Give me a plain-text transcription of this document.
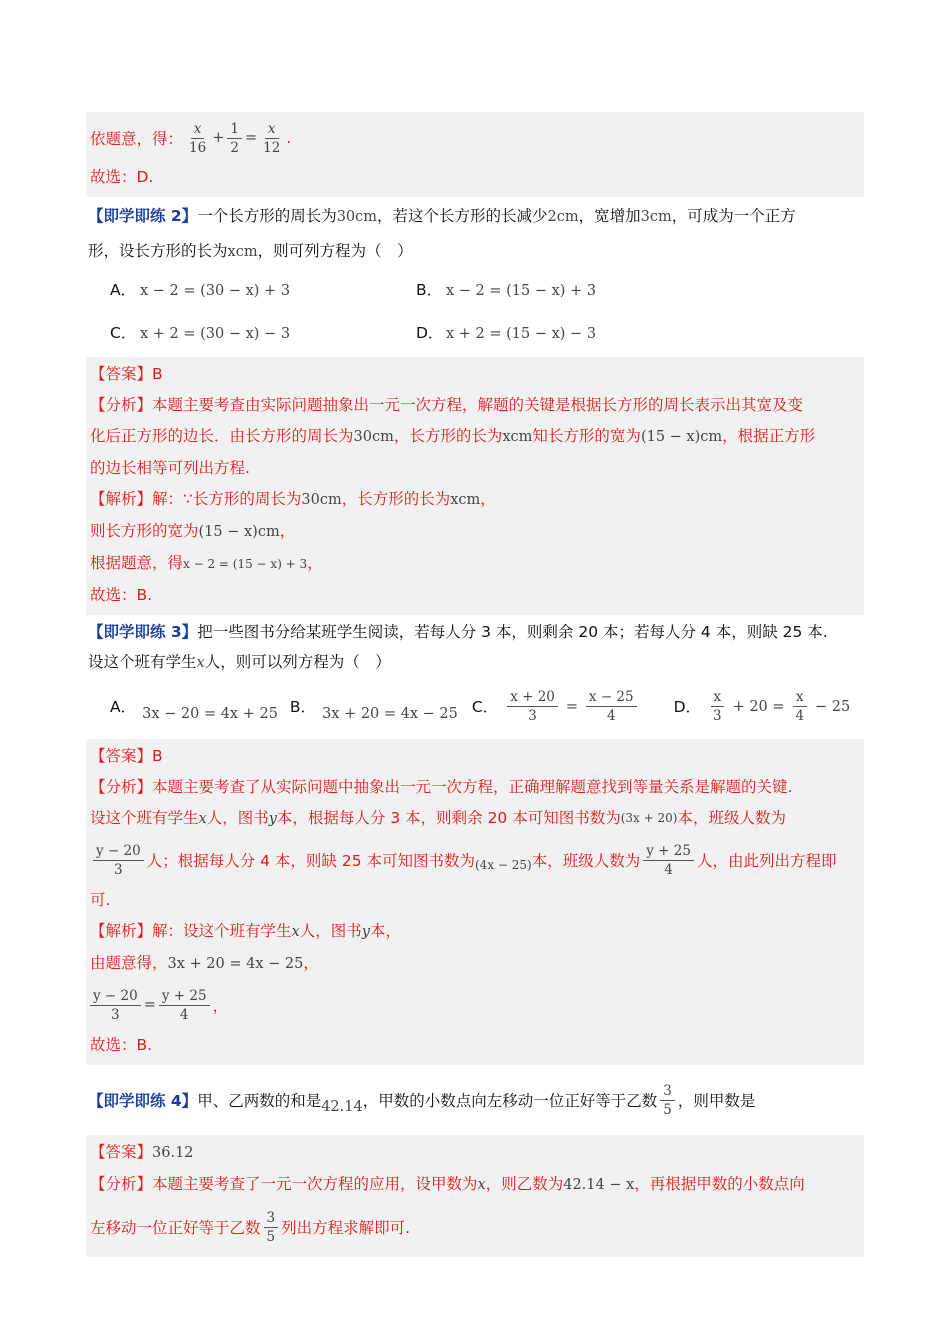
依题意，得： $\frac{x}{16} + \frac{1}{2} = \frac{x}{12}$ .
故选：D.
【即学即练 2】一个长方形的周长为30cm，若这个长方形的长减少2cm，宽增加3cm，可成为一个正方
形，设长方形的长为xcm，则可列方程为（　）
A． x − 2 = (30 − x) + 3	B． x − 2 = (15 − x) + 3
C． x + 2 = (30 − x) − 3	D． x + 2 = (15 − x) − 3
【答案】B
【分析】本题主要考查由实际问题抽象出一元一次方程，解题的关键是根据长方形的周长表示出其宽及变
化后正方形的边长．由长方形的周长为30cm，长方形的长为xcm知长方形的宽为(15 − x)cm，根据正方形
的边长相等可列出方程.
【解析】解：∵长方形的周长为30cm，长方形的长为xcm，
则长方形的宽为(15 − x)cm，
根据题意，得x − 2 = (15 − x) + 3，
故选：B.
【即学即练 3】把一些图书分给某班学生阅读，若每人分 3 本，则剩余 20 本；若每人分 4 本，则缺 25 本.
设这个班有学生x人，则可以列方程为（　）
A． 3x − 20 = 4x + 25 B． 3x + 20 = 4x − 25 C． $\frac{x + 20}{3} = \frac{x - 25}{4}$ D． $\frac{x}{3} + 20 = \frac{x}{4} - 25$
【答案】B
【分析】本题主要考查了从实际问题中抽象出一元一次方程，正确理解题意找到等量关系是解题的关键.
设这个班有学生x人，图书y本，根据每人分 3 本，则剩余 20 本可知图书数为$^{(3x + 20)}$本，班级人数为
$\frac{y - 20}{3}$ 人；根据每人分 4 本，则缺 25 本可知图书数为 (4x − 25) 本，班级人数为 $\frac{y + 25}{4}$ 人，由此列出方程即
可.
【解析】解：设这个班有学生x人，图书y本，
由题意得，3x + 20 = 4x − 25，
$\frac{y - 20}{3} = \frac{y + 25}{4}$ ，
故选：B.
【即学即练 4】 甲、乙两数的和是 42.14 ，甲数的小数点向左移动一位正好等于乙数 $\frac{3}{5}$ ，则甲数是
【答案】36.12
【分析】本题主要考查了一元一次方程的应用，设甲数为x，则乙数为42.14 − x，再根据甲数的小数点向
左移动一位正好等于乙数 $\frac{3}{5}$ 列出方程求解即可.
